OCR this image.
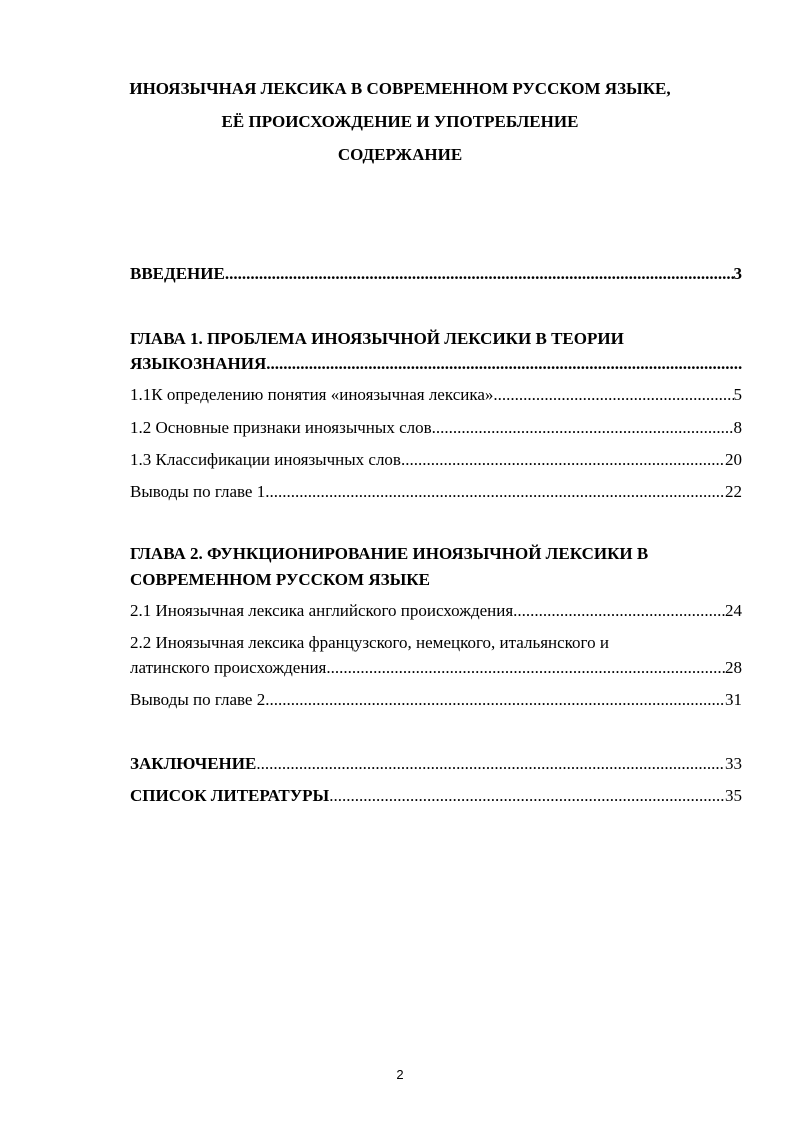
ИНОЯЗЫЧНАЯ ЛЕКСИКА В СОВРЕМЕННОМ РУССКОМ ЯЗЫКЕ,
ЕЁ ПРОИСХОЖДЕНИЕ И УПОТРЕБЛЕНИЕ
СОДЕРЖАНИЕ
ВВЕДЕНИЕ .....	3
ГЛАВА 1. ПРОБЛЕМА ИНОЯЗЫЧНОЙ ЛЕКСИКИ В ТЕОРИИ
ЯЗЫКОЗНАНИЯ
.....
1.1К определению понятия «иноязычная лексика» .....	5
1.2 Основные признаки иноязычных слов .....	8
1.3 Классификации иноязычных слов .....	20
Выводы по главе 1 .....	22
ГЛАВА 2. ФУНКЦИОНИРОВАНИЕ ИНОЯЗЫЧНОЙ ЛЕКСИКИ В
СОВРЕМЕННОМ РУССКОМ ЯЗЫКЕ
2.1 Иноязычная лексика английского происхождения .....	24
2.2 Иноязычная лексика французского, немецкого, итальянского и
латинского происхождения .....	28
Выводы по главе 2 .....	31
ЗАКЛЮЧЕНИЕ .....	33
СПИСОК ЛИТЕРАТУРЫ .....	35
2
